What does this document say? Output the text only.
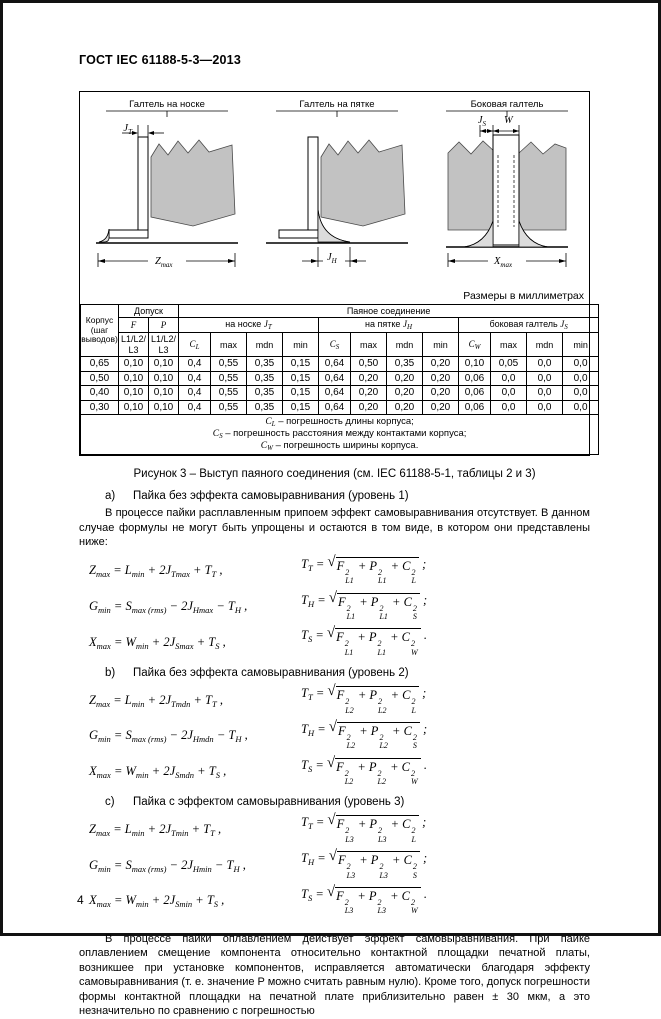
ГОСТ IEC 61188-5-3—2013
Галтель на носке
$J_T$
$Z_{max}$
Галтель на пятке
$J_H$
Боковая галтель
$J_S$ W
$X_{max}$
Размеры в миллиметрах
Корпус (шаг выводов)	Допуск		Паяное соединение											
	F	P	на носке $J_T$				на пятке $J_H$				боковая галтель $J_S$
	L1/L2/ L3	L1/L2/ L3	$C_L$	max	mdn	min	$C_S$	max	mdn	min	$C_W$	max	mdn	min
0,65	0,10	0,10	0,4	0,55	0,35	0,15	0,64	0,50	0,35	0,20	0,10	0,05	0,0	0,0
0,50	0,10	0,10	0,4	0,55	0,35	0,15	0,64	0,20	0,20	0,20	0,06	0,0	0,0	0,0
0,40	0,10	0,10	0,4	0,55	0,35	0,15	0,64	0,20	0,20	0,20	0,06	0,0	0,0	0,0
0,30	0,10	0,10	0,4	0,55	0,35	0,15	0,64	0,20	0,20	0,20	0,06	0,0	0,0	0,0

$C_L$ – погрешность длины корпуса;
$C_S$ – погрешность расстояния между контактами корпуса;
$C_W$ – погрешность ширины корпуса.														
Рисунок 3 – Выступ паяного соединения (см. IEC 61188-5-1, таблицы 2 и 3)
a) Пайка без эффекта самовыравнивания (уровень 1)

В процессе пайки расплавленным припоем эффект самовыравнивания отсутствует. В данном случае формулы не могут быть упрощены и остаются в том виде, в котором они представлены ниже:

$Z_{max} = L_{min} + 2J_{Tmax} + T_T$ ,	$T_T$ = √ F 2
L1
+ P 2
L1
+ C 2
L
;
$G_{min} = S_{max (rms)} - 2J_{Hmax} - T_H$ ,	$T_H$ = √ F 2
L1
+ P 2
L1
+ C 2
S
;
$X_{max} = W_{min} + 2J_{Smax} + T_S$ ,	$T_S$ = √ F 2
L1
+ P 2
L1
+ C 2
W
.
b) Пайка без эффекта самовыравнивания (уровень 2)
$Z_{max} = L_{min} + 2J_{Tmdn} + T_T$ ,	$T_T$ = √ F 2
L2
+ P 2
L2
+ C 2
L
;
$G_{min} = S_{max (rms)} - 2J_{Hmdn} - T_H$ ,	$T_H$ = √ F 2
L2
+ P 2
L2
+ C 2
S
;
$X_{max} = W_{min} + 2J_{Smdn} + T_S$ ,	$T_S$ = √ F 2
L2
+ P 2
L2
+ C 2
W
.
c) Пайка с эффектом самовыравнивания (уровень 3)
$Z_{max} = L_{min} + 2J_{Tmin} + T_T$ ,	$T_T$ = √ F 2
L3
+ P 2
L3
+ C 2
L
;
$G_{min} = S_{max (rms)} - 2J_{Hmin} - T_H$ ,	$T_H$ = √ F 2
L3
+ P 2
L3
+ C 2
S
;
$X_{max} = W_{min} + 2J_{Smin} + T_S$ ,	$T_S$ = √ F 2
L3
+ P 2
L3
+ C 2
W
.

В процессе пайки оплавлением действует эффект самовыравнивания. При пайке оплавлением смещение компонента относительно контактной площадки печатной платы, возникшее при установке компонентов, исправляется автоматически благодаря эффекту самовыравнивания (т. е. значение P можно считать равным нулю). Кроме того, допуск погрешности формы контактной площадки на печатной плате приблизительно равен ± 30 мкм, а это незначительно по сравнению с погрешностью

4
